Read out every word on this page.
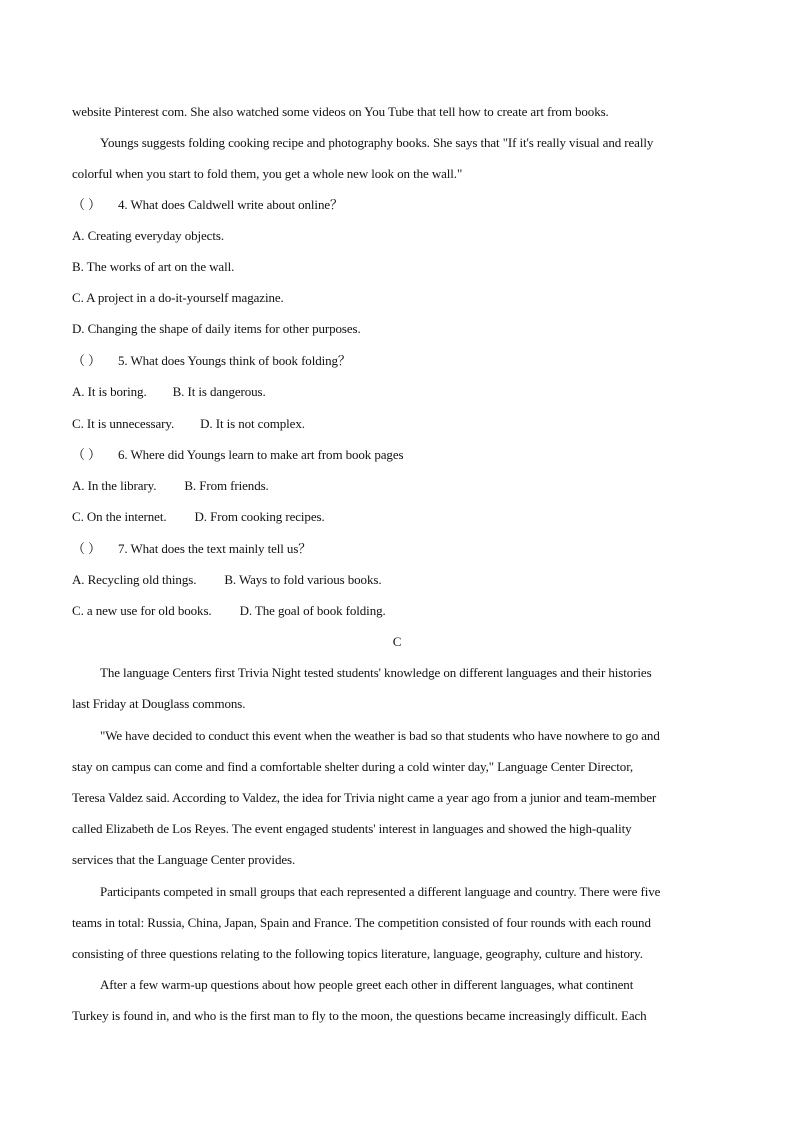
website Pinterest com. She also watched some videos on You Tube that tell how to create art from books.
Youngs suggests folding cooking recipe and photography books. She says that "If it's really visual and really
colorful when you start to fold them, you get a whole new look on the wall."
（ ） 4. What does Caldwell write about online？
A. Creating everyday objects.
B. The works of art on the wall.
C. A project in a do-it-yourself magazine.
D. Changing the shape of daily items for other purposes.
（ ） 5. What does Youngs think of book folding？
A. It is boring. B. It is dangerous.
C. It is unnecessary. D. It is not complex.
（ ） 6. Where did Youngs learn to make art from book pages
A. In the library. B. From friends.
C. On the internet. D. From cooking recipes.
（ ） 7. What does the text mainly tell us？
A. Recycling old things. B. Ways to fold various books.
C. a new use for old books. D. The goal of book folding.
C
The language Centers first Trivia Night tested students' knowledge on different languages and their histories
last Friday at Douglass commons.
"We have decided to conduct this event when the weather is bad so that students who have nowhere to go and
stay on campus can come and find a comfortable shelter during a cold winter day," Language Center Director,
Teresa Valdez said. According to Valdez, the idea for Trivia night came a year ago from a junior and team-member
called Elizabeth de Los Reyes. The event engaged students' interest in languages and showed the high-quality
services that the Language Center provides.
Participants competed in small groups that each represented a different language and country. There were five
teams in total: Russia, China, Japan, Spain and France. The competition consisted of four rounds with each round
consisting of three questions relating to the following topics literature, language, geography, culture and history.
After a few warm-up questions about how people greet each other in different languages, what continent
Turkey is found in, and who is the first man to fly to the moon, the questions became increasingly difficult. Each
